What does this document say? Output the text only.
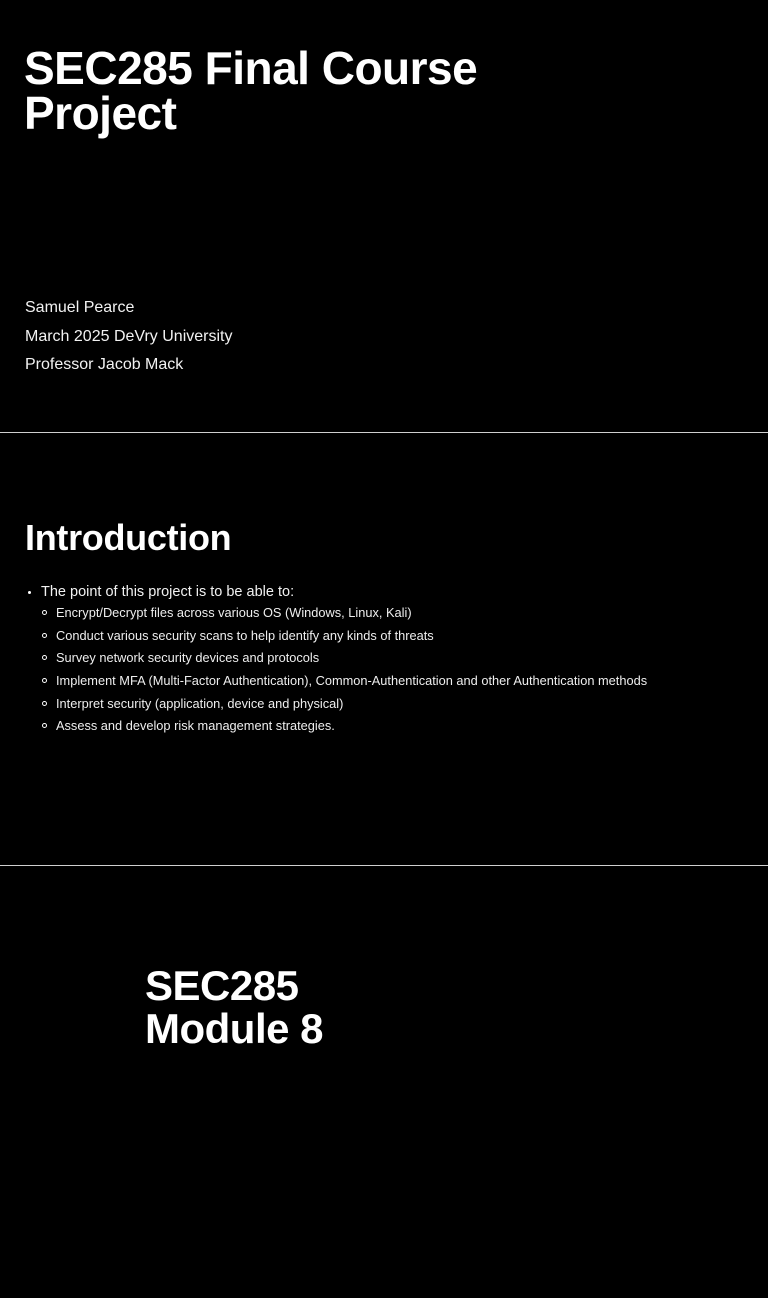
SEC285 Final Course Project
Samuel Pearce
March 2025 DeVry University
Professor Jacob Mack
Introduction
The point of this project is to be able to:
Encrypt/Decrypt files across various OS (Windows, Linux, Kali)
Conduct various security scans to help identify any kinds of threats
Survey network security devices and protocols
Implement MFA (Multi-Factor Authentication), Common-Authentication and other Authentication methods
Interpret security (application, device and physical)
Assess and develop risk management strategies.
SEC285 Module 8
